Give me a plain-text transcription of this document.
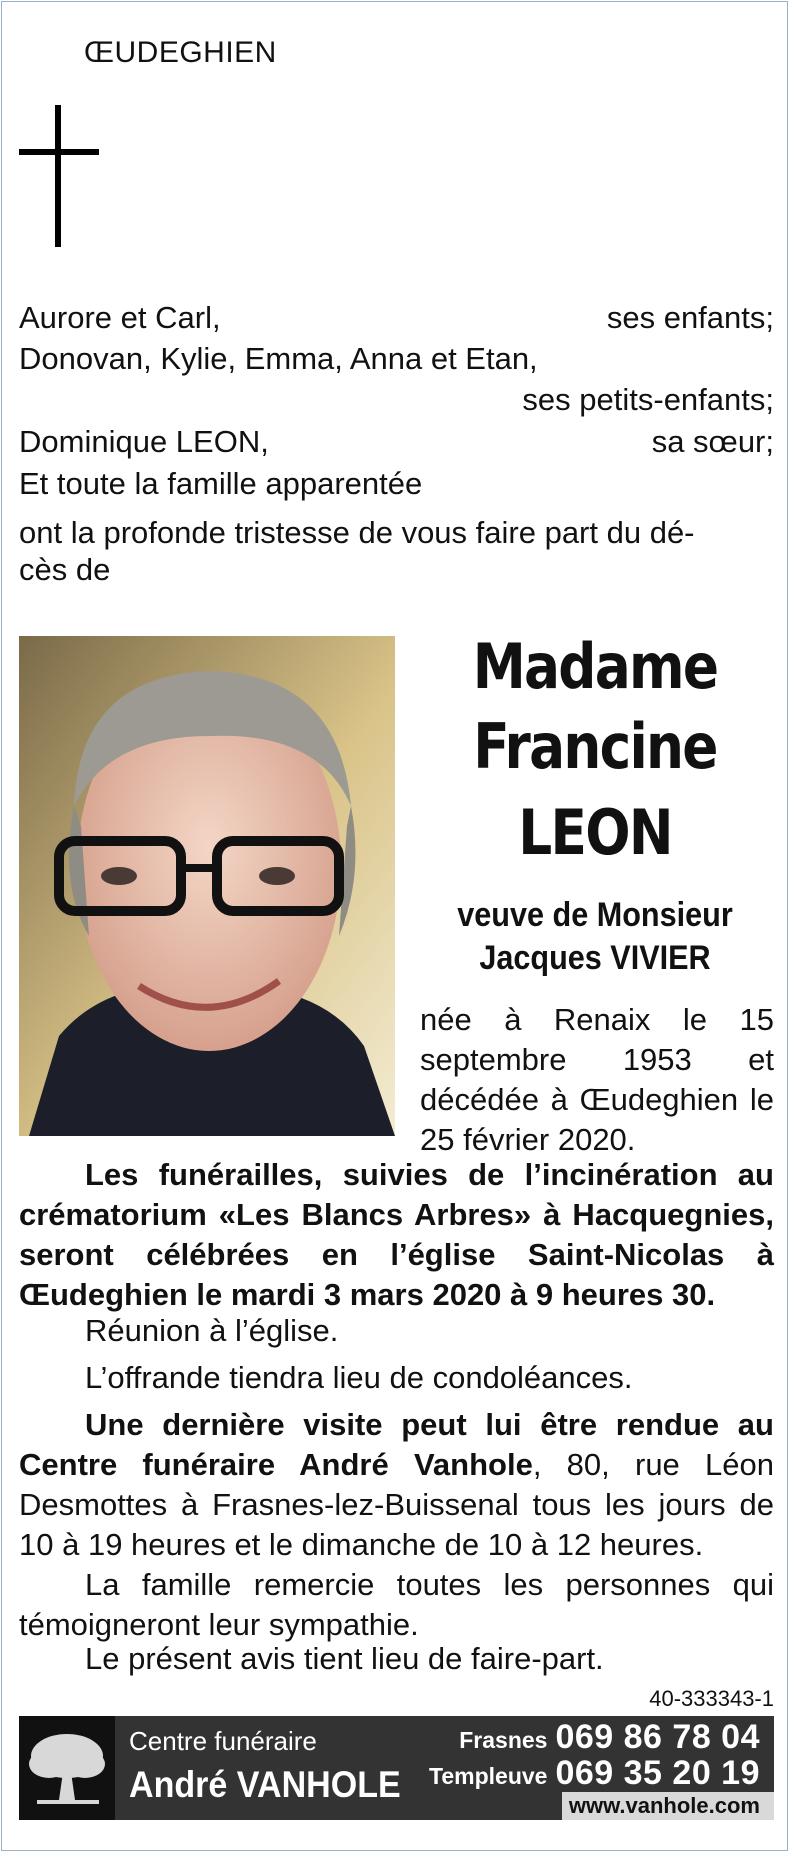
ŒUDEGHIEN
Aurore et Carl,	ses enfants;
Donovan, Kylie, Emma, Anna et Etan,
ses petits-enfants;
Dominique LEON,	sa sœur;
Et toute la famille apparentée
ont la profonde tristesse de vous faire part du dé-
cès de
Madame
Francine
LEON
veuve de Monsieur
Jacques VIVIER
née à Renaix le 15 septembre 1953 et décédée à Œudeghien le 25 février 2020.
Les funérailles, suivies de l’incinération au crématorium «Les Blancs Arbres» à Hacquegnies, seront célébrées en l’église Saint-Nicolas à Œudeghien le mardi 3 mars 2020 à 9 heures 30.
Réunion à l’église.
L’offrande tiendra lieu de condoléances.
Une dernière visite peut lui être rendue au Centre funéraire André Vanhole, 80, rue Léon Desmottes à Frasnes-lez-Buissenal tous les jours de 10 à 19 heures et le dimanche de 10 à 12 heures.
La famille remercie toutes les personnes qui témoigneront leur sympathie.
Le présent avis tient lieu de faire-part.
40-333343-1
Centre funéraire
André VANHOLE
Frasnes 069 86 78 04
Templeuve 069 35 20 19
www.vanhole.com
